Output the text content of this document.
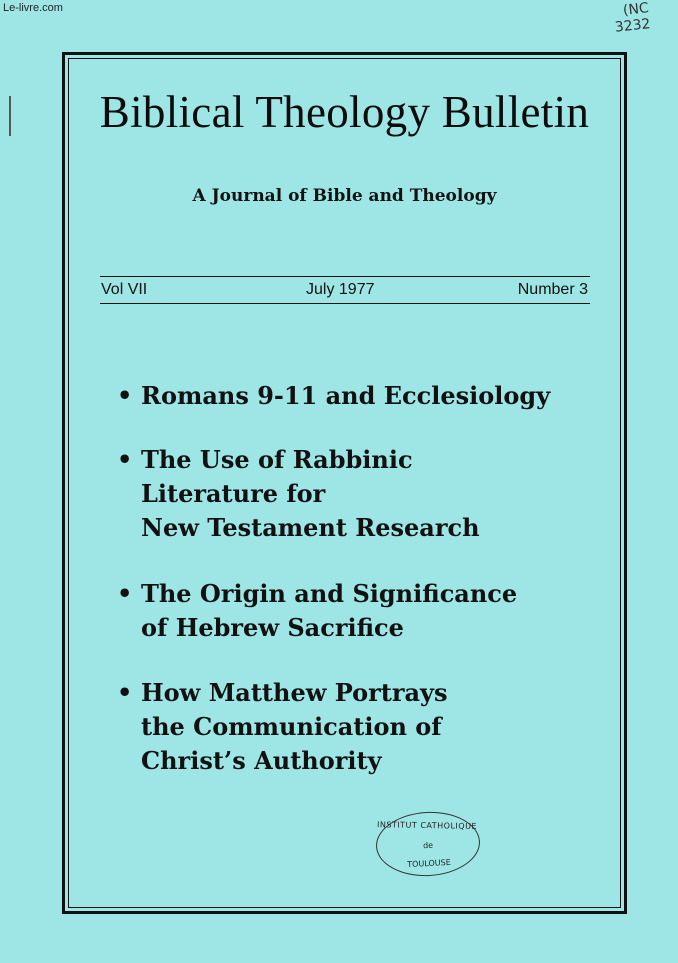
Le-livre.com	(NC
3232
Biblical Theology Bulletin
A Journal of Bible and Theology
Vol VII	July 1977	Number 3
• Romans 9-11 and Ecclesiology
• The Use of Rabbinic
Literature for
New Testament Research
• The Origin and Significance
of Hebrew Sacrifice
• How Matthew Portrays
the Communication of
Christ’s Authority
INSTITUT CATHOLIQUE
de
TOULOUSE
